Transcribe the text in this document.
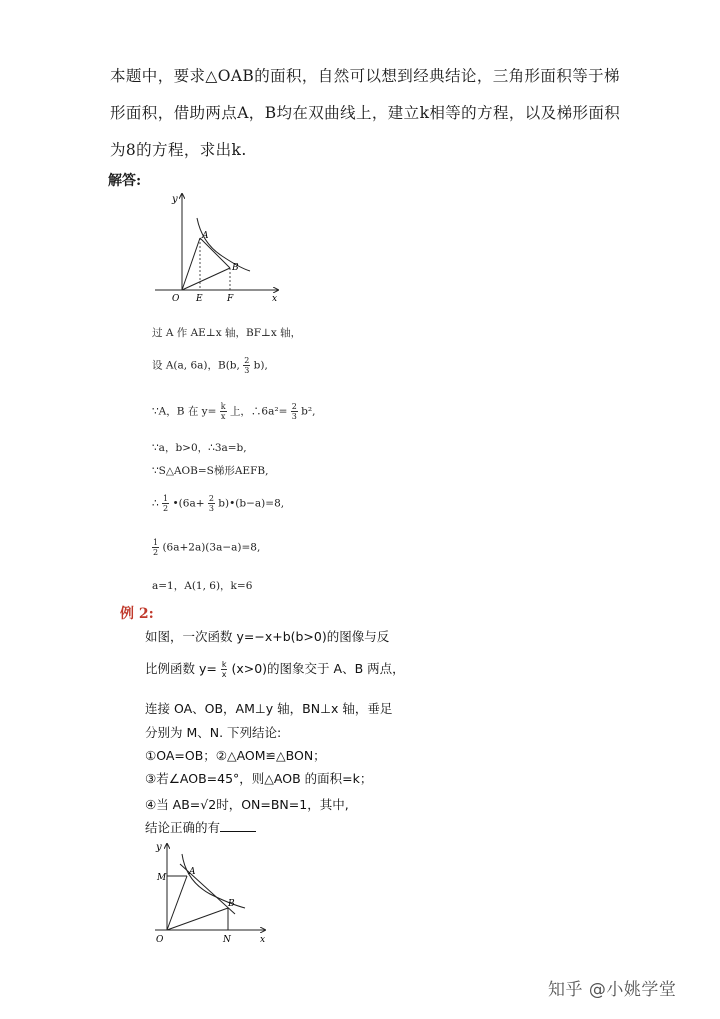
本题中，要求△OAB的面积，自然可以想到经典结论，三角形面积等于梯形面积，借助两点A，B均在双曲线上，建立k相等的方程，以及梯形面积为8的方程，求出k.

解答:
y
A
B
O E	F	x
过 A 作 AE⊥x 轴，BF⊥x 轴，
设 A(a, 6a)，B(b, $\frac{2}{3} b$),
∵A，B 在 $y= \frac{k}{x}$ 上，∴6a²= $\frac{2}{3} b^2$,
∵a，b>0，∴3a=b,
∵S△AOB=S梯形AEFB,
∴ $\frac{1}{2}$ •(6a+ $\frac{2}{3}$ b)•(b−a)=8,
$\frac{1}{2} (6a+2a)(3a-a)=8$,
a=1，A(1, 6)，k=6
例 2:
如图，一次函数 y=−x+b(b>0)的图像与反
比例函数 $y= \frac{k}{x} (x>0)$的图象交于 A、B 两点，
连接 OA、OB，AM⊥y 轴，BN⊥x 轴，垂足
分别为 M、N. 下列结论:
①OA=OB；②△AOM≌△BON；
③若∠AOB=45°，则△AOB 的面积=k；
④当 AB=√2时，ON=BN=1，其中,
结论正确的有
y
M
A
B
O	N	x
知乎 @小姚学堂
